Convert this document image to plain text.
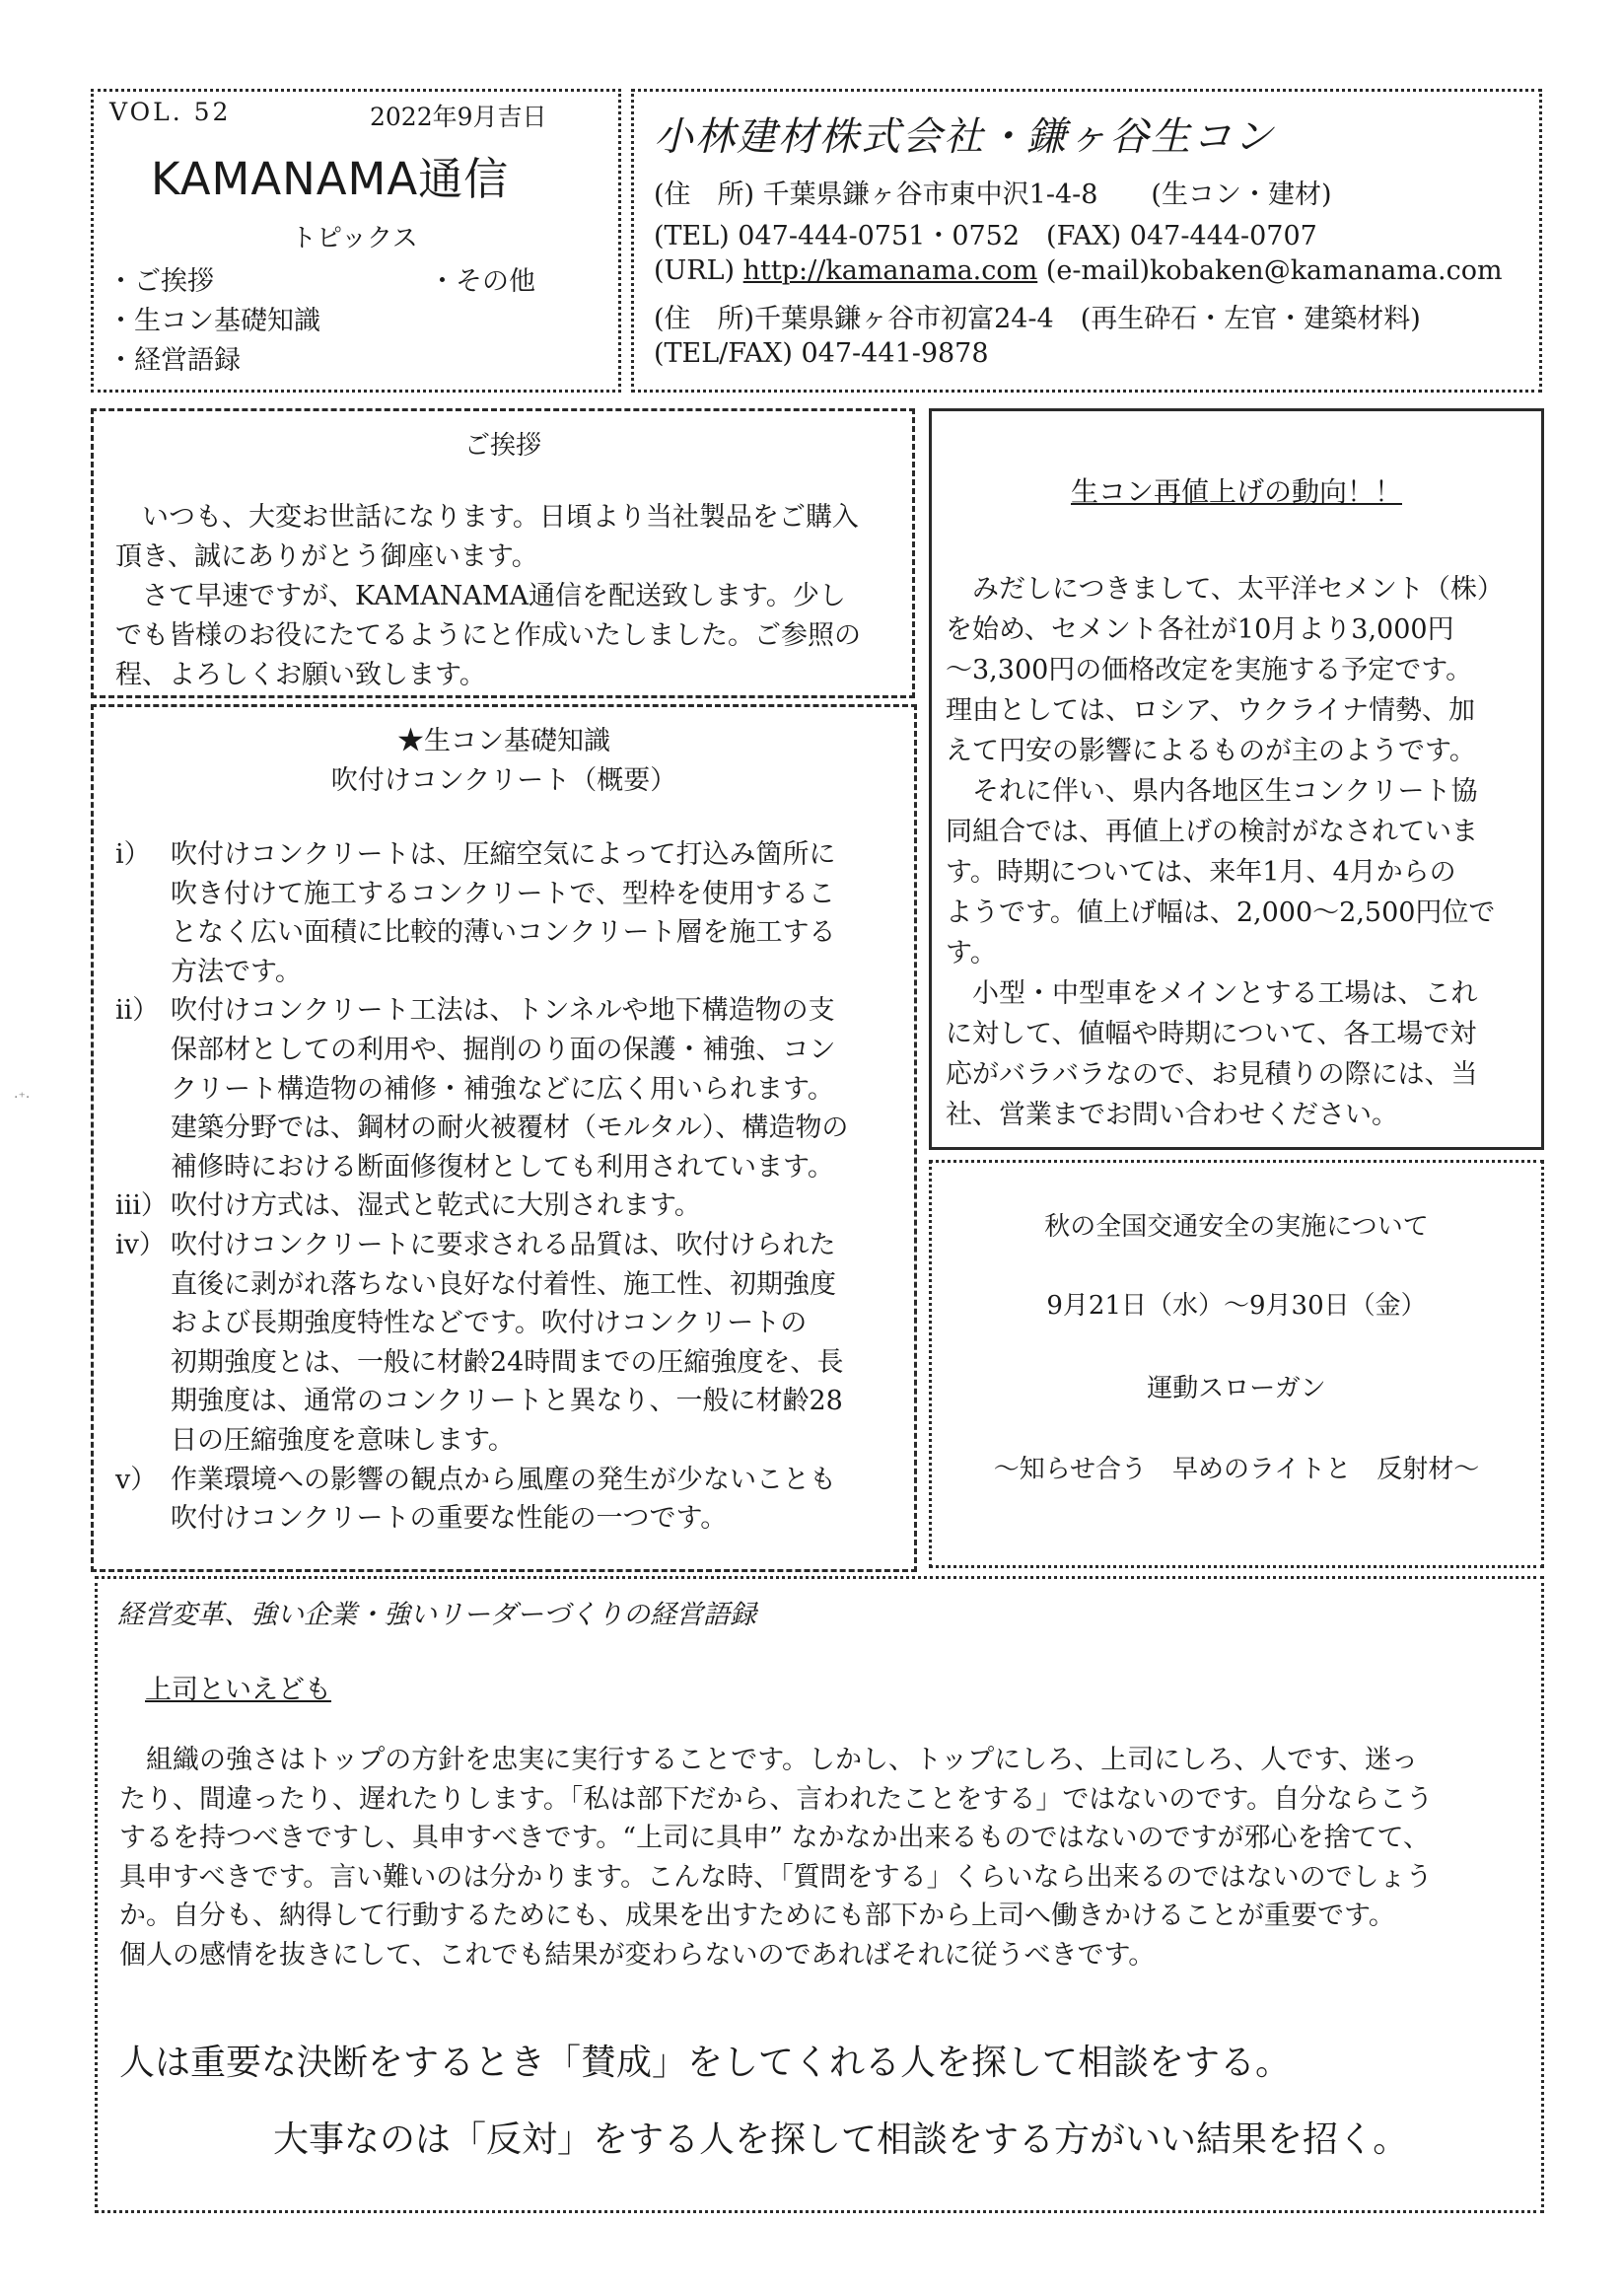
VOL. 52	2022年9月吉日
KAMANAMA通信
トピックス
・ご挨拶
・生コン基礎知識
・経営語録
・その他
小林建材株式会社・鎌ヶ谷生コン
(住　所) 千葉県鎌ヶ谷市東中沢1-4-8　　(生コン・建材)
(TEL) 047-444-0751・0752　(FAX) 047-444-0707
(URL) http://kamanama.com (e-mail)kobaken@kamanama.com
(住　所)千葉県鎌ヶ谷市初富24-4　(再生砕石・左官・建築材料)
(TEL/FAX) 047-441-9878
ご挨拶

　いつも、大変お世話になります。日頃より当社製品をご購入

頂き、誠にありがとう御座います。

　さて早速ですが、KAMANAMA通信を配送致します。少し

でも皆様のお役にたてるようにと作成いたしました。ご参照の

程、よろしくお願い致します。

★生コン基礎知識
吹付けコンクリート（概要）
ⅰ） 吹付けコンクリートは、圧縮空気によって打込み箇所に

吹き付けて施工するコンクリートで、型枠を使用するこ

となく広い面積に比較的薄いコンクリート層を施工する

方法です。

ⅱ） 吹付けコンクリート工法は、トンネルや地下構造物の支

保部材としての利用や、掘削のり面の保護・補強、コン

クリート構造物の補修・補強などに広く用いられます。

建築分野では、鋼材の耐火被覆材（モルタル）、構造物の

補修時における断面修復材としても利用されています。

ⅲ） 吹付け方式は、湿式と乾式に大別されます。

ⅳ） 吹付けコンクリートに要求される品質は、吹付けられた

直後に剥がれ落ちない良好な付着性、施工性、初期強度

および長期強度特性などです。吹付けコンクリートの

初期強度とは、一般に材齢24時間までの圧縮強度を、長

期強度は、通常のコンクリートと異なり、一般に材齢28

日の圧縮強度を意味します。

ⅴ） 作業環境への影響の観点から風塵の発生が少ないことも

吹付けコンクリートの重要な性能の一つです。

生コン再値上げの動向！！

　みだしにつきまして、太平洋セメント（株）

を始め、セメント各社が10月より3,000円

～3,300円の価格改定を実施する予定です。

理由としては、ロシア、ウクライナ情勢、加

えて円安の影響によるものが主のようです。

　それに伴い、県内各地区生コンクリート協

同組合では、再値上げの検討がなされていま

す。時期については、来年1月、4月からの

ようです。値上げ幅は、2,000～2,500円位で

す。

　小型・中型車をメインとする工場は、これ

に対して、値幅や時期について、各工場で対

応がバラバラなので、お見積りの際には、当

社、営業までお問い合わせください。

秋の全国交通安全の実施について
9月21日（水）～9月30日（金）
運動スローガン
～知らせ合う　早めのライトと　反射材～
経営変革、強い企業・強いリーダーづくりの経営語録
上司といえども

　組織の強さはトップの方針を忠実に実行することです。しかし、トップにしろ、上司にしろ、人です、迷っ

たり、間違ったり、遅れたりします。「私は部下だから、言われたことをする」ではないのです。自分ならこう

するを持つべきですし、具申すべきです。“上司に具申” なかなか出来るものではないのですが邪心を捨てて、

具申すべきです。言い難いのは分かります。こんな時、「質問をする」くらいなら出来るのではないのでしょう

か。自分も、納得して行動するためにも、成果を出すためにも部下から上司へ働きかけることが重要です。

個人の感情を抜きにして、これでも結果が変わらないのであればそれに従うべきです。

人は重要な決断をするとき「賛成」をしてくれる人を探して相談をする。
大事なのは「反対」をする人を探して相談をする方がいい結果を招く。
·⁺·
